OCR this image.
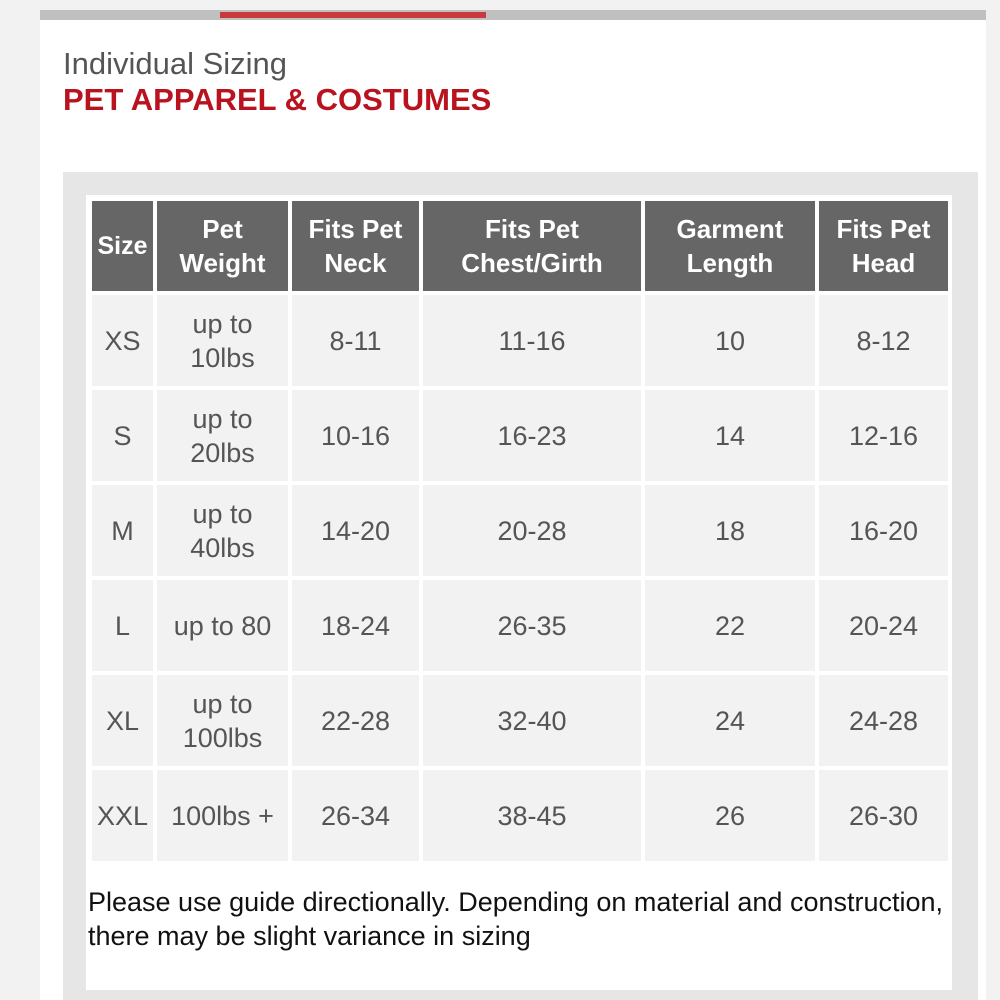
Individual Sizing
PET APPAREL & COSTUMES
Size	Pet Weight	Fits Pet Neck	Fits Pet Chest/Girth	Garment Length	Fits Pet Head
XS	up to 10lbs	8-11	11-16	10	8-12
S	up to 20lbs	10-16	16-23	14	12-16
M	up to 40lbs	14-20	20-28	18	16-20
L	up to 80	18-24	26-35	22	20-24
XL	up to 100lbs	22-28	32-40	24	24-28
XXL	100lbs +	26-34	38-45	26	26-30
Please use guide directionally. Depending on material and construction, there may be slight variance in sizing
